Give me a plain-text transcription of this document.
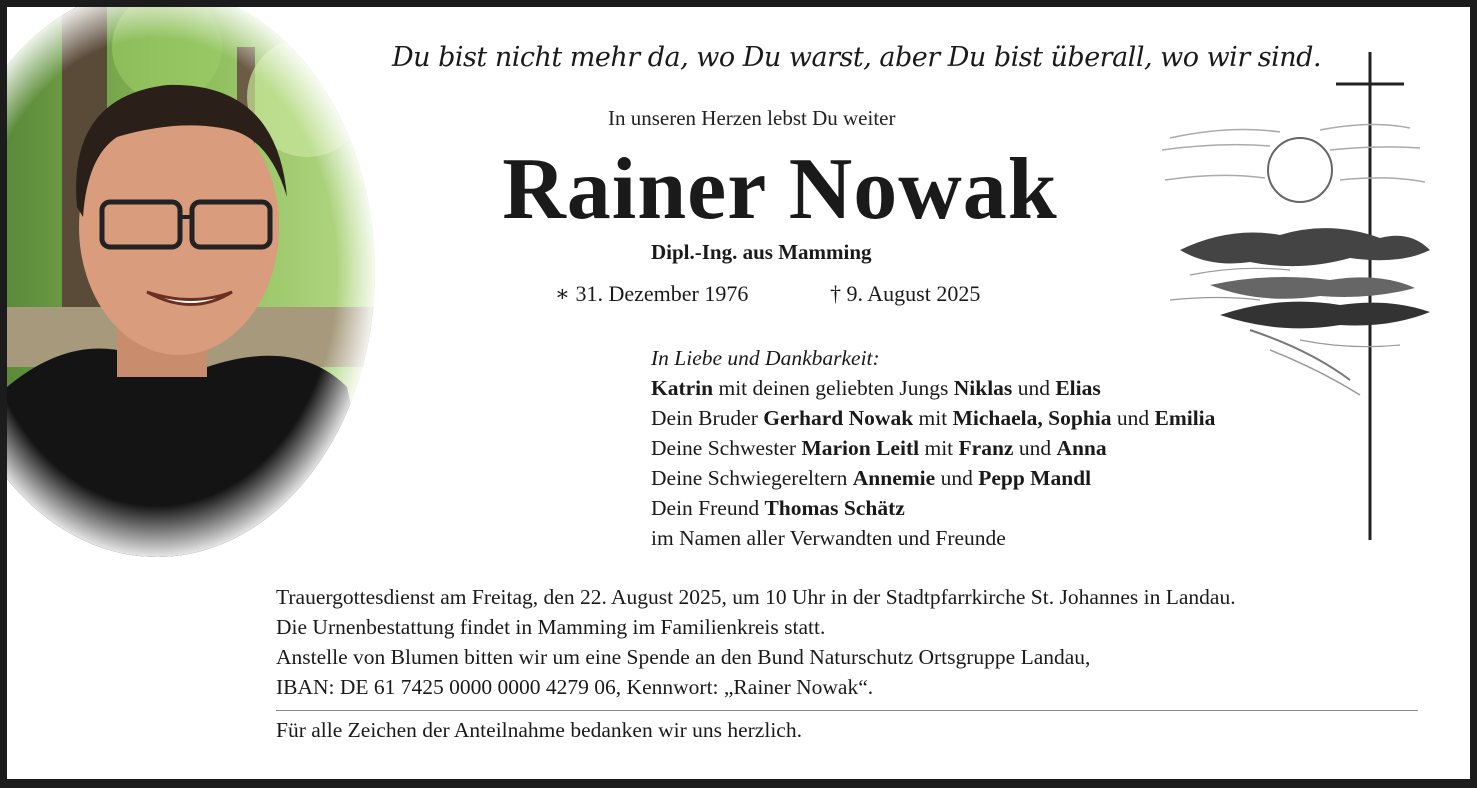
Du bist nicht mehr da, wo Du warst, aber Du bist überall, wo wir sind.
In unseren Herzen lebst Du weiter
Rainer Nowak
Dipl.-Ing. aus Mamming
∗ 31. Dezember 1976	† 9. August 2025
In Liebe und Dankbarkeit:
Katrin mit deinen geliebten Jungs Niklas und Elias
Dein Bruder Gerhard Nowak mit Michaela, Sophia und Emilia
Deine Schwester Marion Leitl mit Franz und Anna
Deine Schwiegereltern Annemie und Pepp Mandl
Dein Freund Thomas Schätz
im Namen aller Verwandten und Freunde
Trauergottesdienst am Freitag, den 22. August 2025, um 10 Uhr in der Stadtpfarrkirche St. Johannes in Landau.
Die Urnenbestattung findet in Mamming im Familienkreis statt.
Anstelle von Blumen bitten wir um eine Spende an den Bund Naturschutz Ortsgruppe Landau,
IBAN: DE 61 7425 0000 0000 4279 06, Kennwort: „Rainer Nowak“.
Für alle Zeichen der Anteilnahme bedanken wir uns herzlich.
